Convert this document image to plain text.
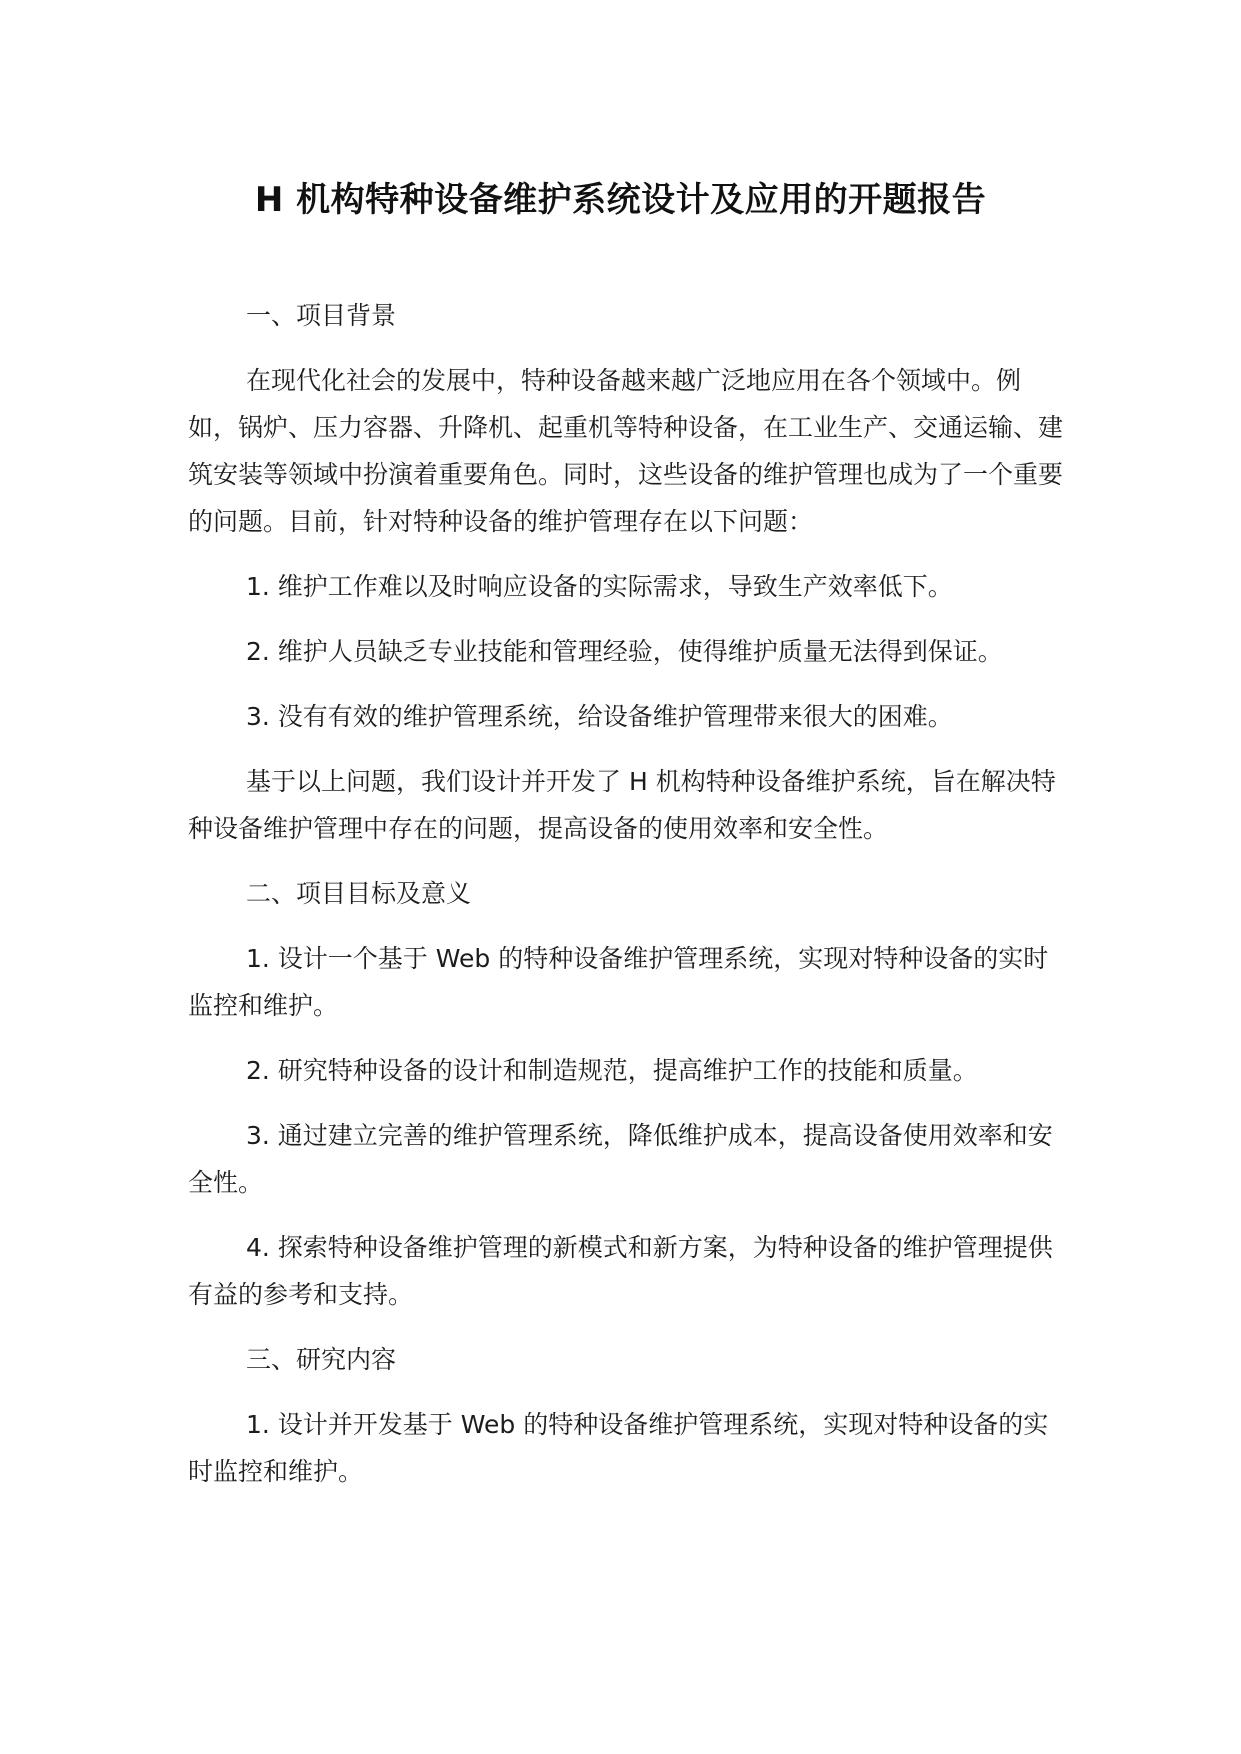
H 机构特种设备维护系统设计及应用的开题报告

一、项目背景

在现代化社会的发展中，特种设备越来越广泛地应用在各个领域中。例如，锅炉、压力容器、升降机、起重机等特种设备，在工业生产、交通运输、建筑安装等领域中扮演着重要角色。同时，这些设备的维护管理也成为了一个重要的问题。目前，针对特种设备的维护管理存在以下问题：

1. 维护工作难以及时响应设备的实际需求，导致生产效率低下。

2. 维护人员缺乏专业技能和管理经验，使得维护质量无法得到保证。

3. 没有有效的维护管理系统，给设备维护管理带来很大的困难。

基于以上问题，我们设计并开发了 H 机构特种设备维护系统，旨在解决特种设备维护管理中存在的问题，提高设备的使用效率和安全性。

二、项目目标及意义

1. 设计一个基于 Web 的特种设备维护管理系统，实现对特种设备的实时监控和维护。

2. 研究特种设备的设计和制造规范，提高维护工作的技能和质量。

3. 通过建立完善的维护管理系统，降低维护成本，提高设备使用效率和安全性。

4. 探索特种设备维护管理的新模式和新方案，为特种设备的维护管理提供有益的参考和支持。

三、研究内容

1. 设计并开发基于 Web 的特种设备维护管理系统，实现对特种设备的实时监控和维护。
